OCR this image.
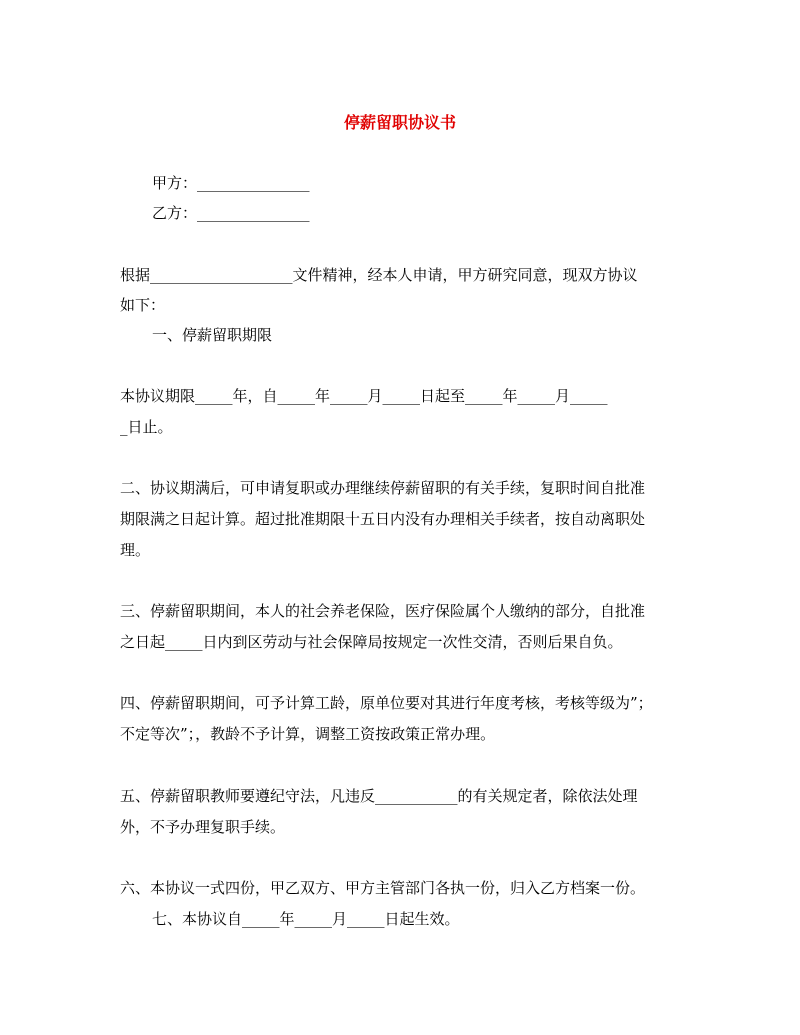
停薪留职协议书
甲方：_______________
乙方：_______________
根据___________________文件精神，经本人申请，甲方研究同意，现双方协议
如下：
一、停薪留职期限
本协议期限_____年，自_____年_____月_____日起至_____年_____月_____
_日止。
二、协议期满后，可申请复职或办理继续停薪留职的有关手续，复职时间自批准
期限满之日起计算。超过批准期限十五日内没有办理相关手续者，按自动离职处
理。
三、停薪留职期间，本人的社会养老保险，医疗保险属个人缴纳的部分，自批准
之日起_____日内到区劳动与社会保障局按规定一次性交清，否则后果自负。
四、停薪留职期间，可予计算工龄，原单位要对其进行年度考核，考核等级为”；
不定等次”；，教龄不予计算，调整工资按政策正常办理。
五、停薪留职教师要遵纪守法，凡违反___________的有关规定者，除依法处理
外，不予办理复职手续。
六、本协议一式四份，甲乙双方、甲方主管部门各执一份，归入乙方档案一份。
七、本协议自_____年_____月_____日起生效。
